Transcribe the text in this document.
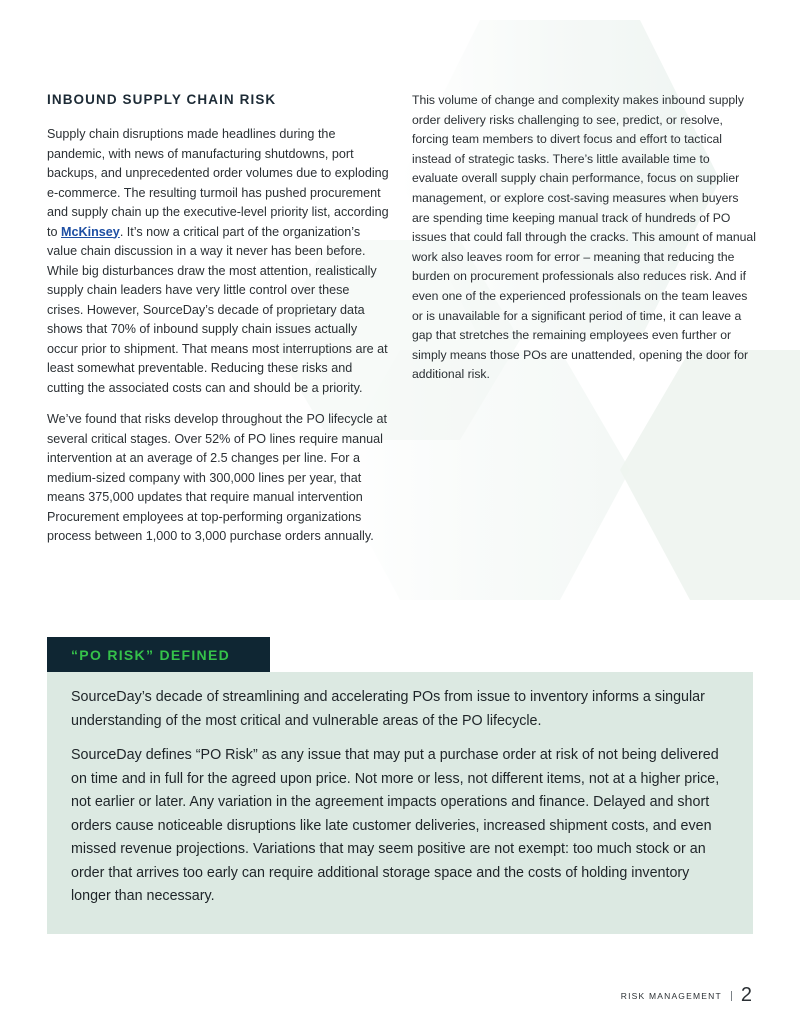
INBOUND SUPPLY CHAIN RISK

Supply chain disruptions made headlines during the pandemic, with news of manufacturing shutdowns, port backups, and unprecedented order volumes due to exploding e-commerce. The resulting turmoil has pushed procurement and supply chain up the executive-level priority list, according to McKinsey. It’s now a critical part of the organization’s value chain discussion in a way it never has been before. While big disturbances draw the most attention, realistically supply chain leaders have very little control over these crises. However, SourceDay’s decade of proprietary data shows that 70% of inbound supply chain issues actually occur prior to shipment. That means most interruptions are at least somewhat preventable. Reducing these risks and cutting the associated costs can and should be a priority.

We’ve found that risks develop throughout the PO lifecycle at several critical stages. Over 52% of PO lines require manual intervention at an average of 2.5 changes per line. For a medium-sized company with 300,000 lines per year, that means 375,000 updates that require manual intervention Procurement employees at top-performing organizations process between 1,000 to 3,000 purchase orders annually.

This volume of change and complexity makes inbound supply order delivery risks challenging to see, predict, or resolve, forcing team members to divert focus and effort to tactical instead of strategic tasks. There’s little available time to evaluate overall supply chain performance, focus on supplier management, or explore cost-saving measures when buyers are spending time keeping manual track of hundreds of PO issues that could fall through the cracks. This amount of manual work also leaves room for error – meaning that reducing the burden on procurement professionals also reduces risk. And if even one of the experienced professionals on the team leaves or is unavailable for a significant period of time, it can leave a gap that stretches the remaining employees even further or simply means those POs are unattended, opening the door for additional risk.

“PO RISK” DEFINED

SourceDay’s decade of streamlining and accelerating POs from issue to inventory informs a singular understanding of the most critical and vulnerable areas of the PO lifecycle.

SourceDay defines “PO Risk” as any issue that may put a purchase order at risk of not being delivered on time and in full for the agreed upon price. Not more or less, not different items, not at a higher price, not earlier or later. Any variation in the agreement impacts operations and finance. Delayed and short orders cause noticeable disruptions like late customer deliveries, increased shipment costs, and even missed revenue projections. Variations that may seem positive are not exempt: too much stock or an order that arrives too early can require additional storage space and the costs of holding inventory longer than necessary.

RISK MANAGEMENT 2
